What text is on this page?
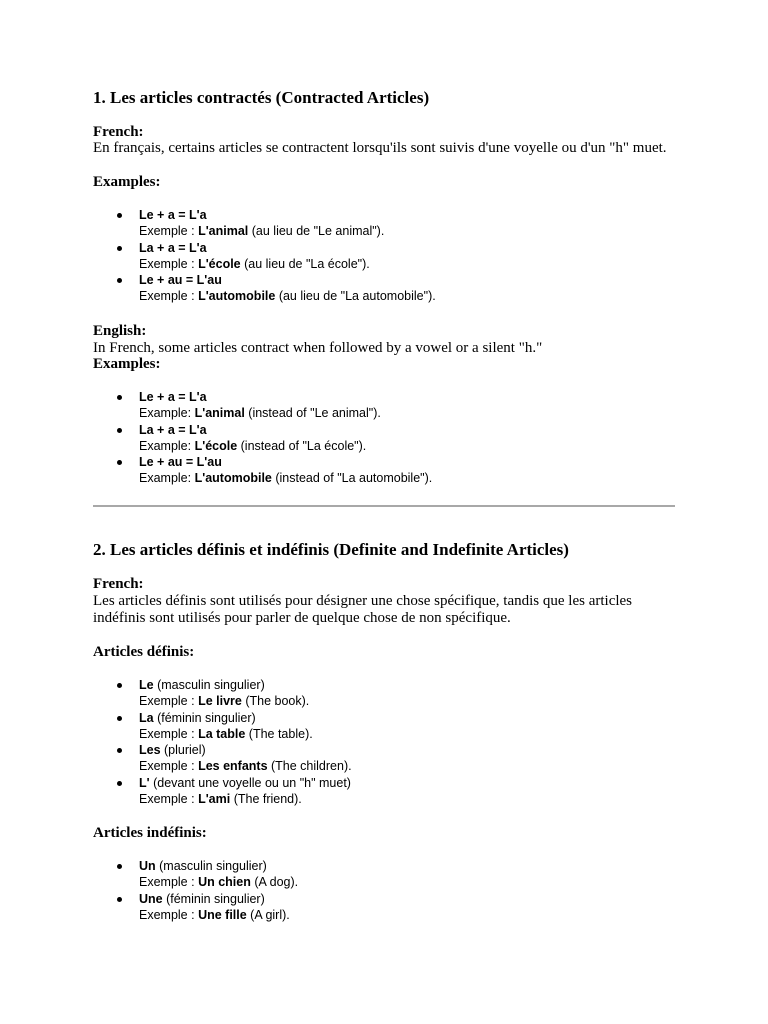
1. Les articles contractés (Contracted Articles)
French:
En français, certains articles se contractent lorsqu'ils sont suivis d'une voyelle ou d'un "h" muet.
Examples:
Le + a = L'a
Exemple : L'animal (au lieu de "Le animal").
La + a = L'a
Exemple : L'école (au lieu de "La école").
Le + au = L'au
Exemple : L'automobile (au lieu de "La automobile").
English:
In French, some articles contract when followed by a vowel or a silent "h."
Examples:
Le + a = L'a
Example: L'animal (instead of "Le animal").
La + a = L'a
Example: L'école (instead of "La école").
Le + au = L'au
Example: L'automobile (instead of "La automobile").
2. Les articles définis et indéfinis (Definite and Indefinite Articles)
French:
Les articles définis sont utilisés pour désigner une chose spécifique, tandis que les articles indéfinis sont utilisés pour parler de quelque chose de non spécifique.
Articles définis:
Le (masculin singulier)
Exemple : Le livre (The book).
La (féminin singulier)
Exemple : La table (The table).
Les (pluriel)
Exemple : Les enfants (The children).
L' (devant une voyelle ou un "h" muet)
Exemple : L'ami (The friend).
Articles indéfinis:
Un (masculin singulier)
Exemple : Un chien (A dog).
Une (féminin singulier)
Exemple : Une fille (A girl).
